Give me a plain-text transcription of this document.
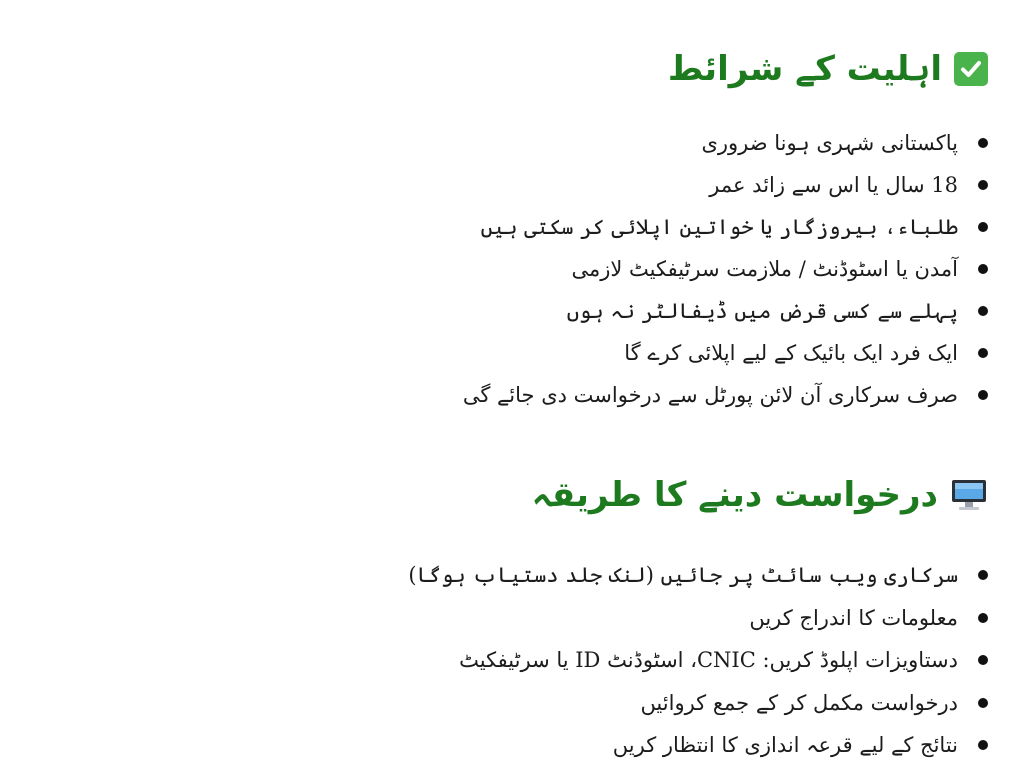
اہلیت کے شرائط
پاکستانی شہری ہونا ضروری
18 سال یا اس سے زائد عمر
طلباء، بیروزگار یا خواتین اپلائی کر سکتی ہیں
آمدن یا اسٹوڈنٹ / ملازمت سرٹیفکیٹ لازمی
پہلے سے کسی قرض میں ڈیفالٹر نہ ہوں
ایک فرد ایک بائیک کے لیے اپلائی کرے گا
صرف سرکاری آن لائن پورٹل سے درخواست دی جائے گی
درخواست دینے کا طریقہ
سرکاری ویب سائٹ پر جائیں (لنک جلد دستیاب ہوگا)
معلومات کا اندراج کریں
دستاویزات اپلوڈ کریں: CNIC، اسٹوڈنٹ ID یا سرٹیفکیٹ
درخواست مکمل کر کے جمع کروائیں
نتائج کے لیے قرعہ اندازی کا انتظار کریں
